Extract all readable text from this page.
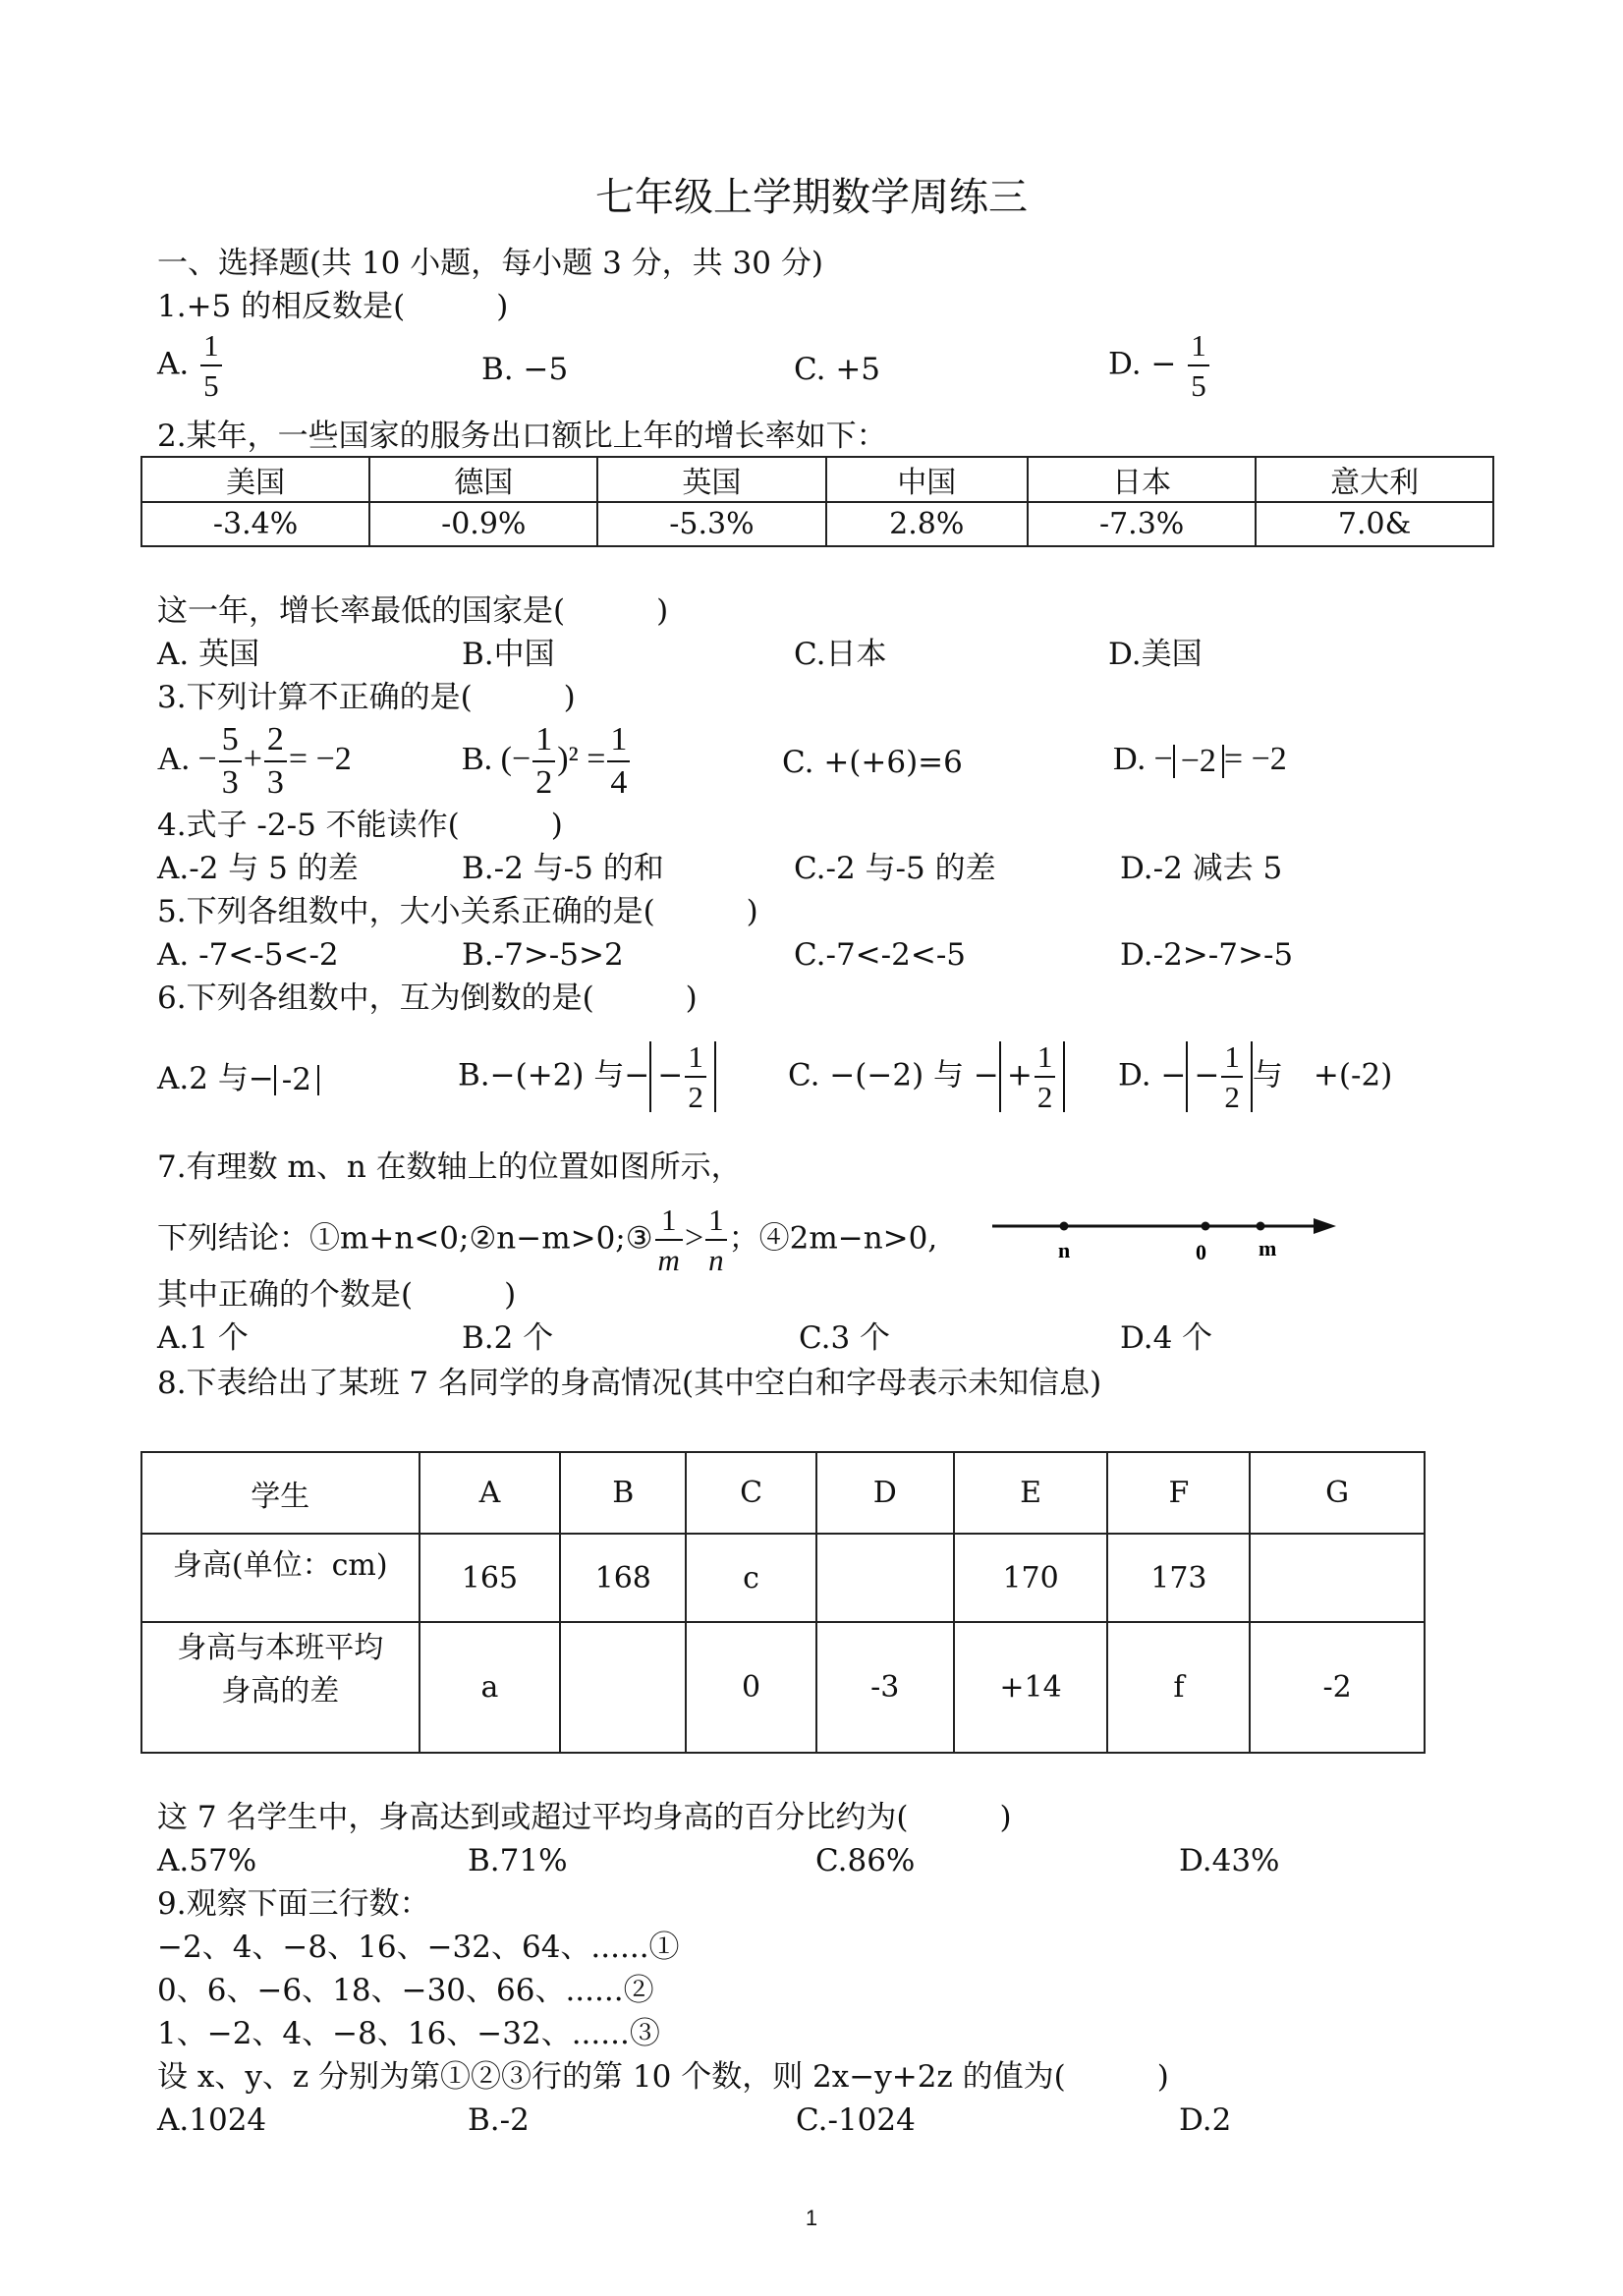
七年级上学期数学周练三
一、选择题(共 10 小题，每小题 3 分，共 30 分)
1.+5 的相反数是(　　　)
A. $\frac{1}{5}$	B. −5	C. +5	D. − $\frac{1}{5}$
2.某年，一些国家的服务出口额比上年的增长率如下：
美国	德国	英国	中国	日本	意大利
-3.4%	-0.9%	-5.3%	2.8%	-7.3%	7.0&
这一年，增长率最低的国家是(　　　)
A. 英国	B.中国	C.日本	D.美国
3.下列计算不正确的是(　　　)
A. − $\frac{5}{3} + \frac{2}{3} = -2$	B. (− $\frac{1}{2} )^2 = \frac{1}{4}$	C. +(+6)=6	D. − −2 = −2
4.式子 -2-5 不能读作(　　　)
A.-2 与 5 的差	B.-2 与-5 的和	C.-2 与-5 的差	D.-2 减去 5
5.下列各组数中，大小关系正确的是(　　　)
A. -7<-5<-2	B.-7>-5>2	C.-7<-2<-5	D.-2>-7>-5
6.下列各组数中，互为倒数的是(　　　)
A.2 与− -2	B.−(+2) 与− − $\frac{1}{2}$	C. −(−2) 与 − + $\frac{1}{2} D$. − − $\frac{1}{2}$ 与　+(-2)
7.有理数 m、n 在数轴上的位置如图所示，
下列结论：①m+n<0;②n−m>0;③ $\frac{1}{m} > \frac{1}{n}$ ；④2m−n>0,	n	0 m
其中正确的个数是(　　　)
A.1 个	B.2 个	C.3 个	D.4 个
8.下表给出了某班 7 名同学的身高情况(其中空白和字母表示未知信息)
学生	A	B	C	D	E	F	G
身高(单位：cm)	165	168	c		170	173	

身高与本班平均
身高的差	a		0	-3	+14	f	-2
这 7 名学生中，身高达到或超过平均身高的百分比约为(　　　)
A.57%	B.71%	C.86%	D.43%
9.观察下面三行数：
−2、4、−8、16、−32、64、......①
0、6、−6、18、−30、66、......②
1、−2、4、−8、16、−32、......③
设 x、y、z 分别为第①②③行的第 10 个数，则 2x−y+2z 的值为(　　　)
A.1024	B.-2	C.-1024	D.2
1
